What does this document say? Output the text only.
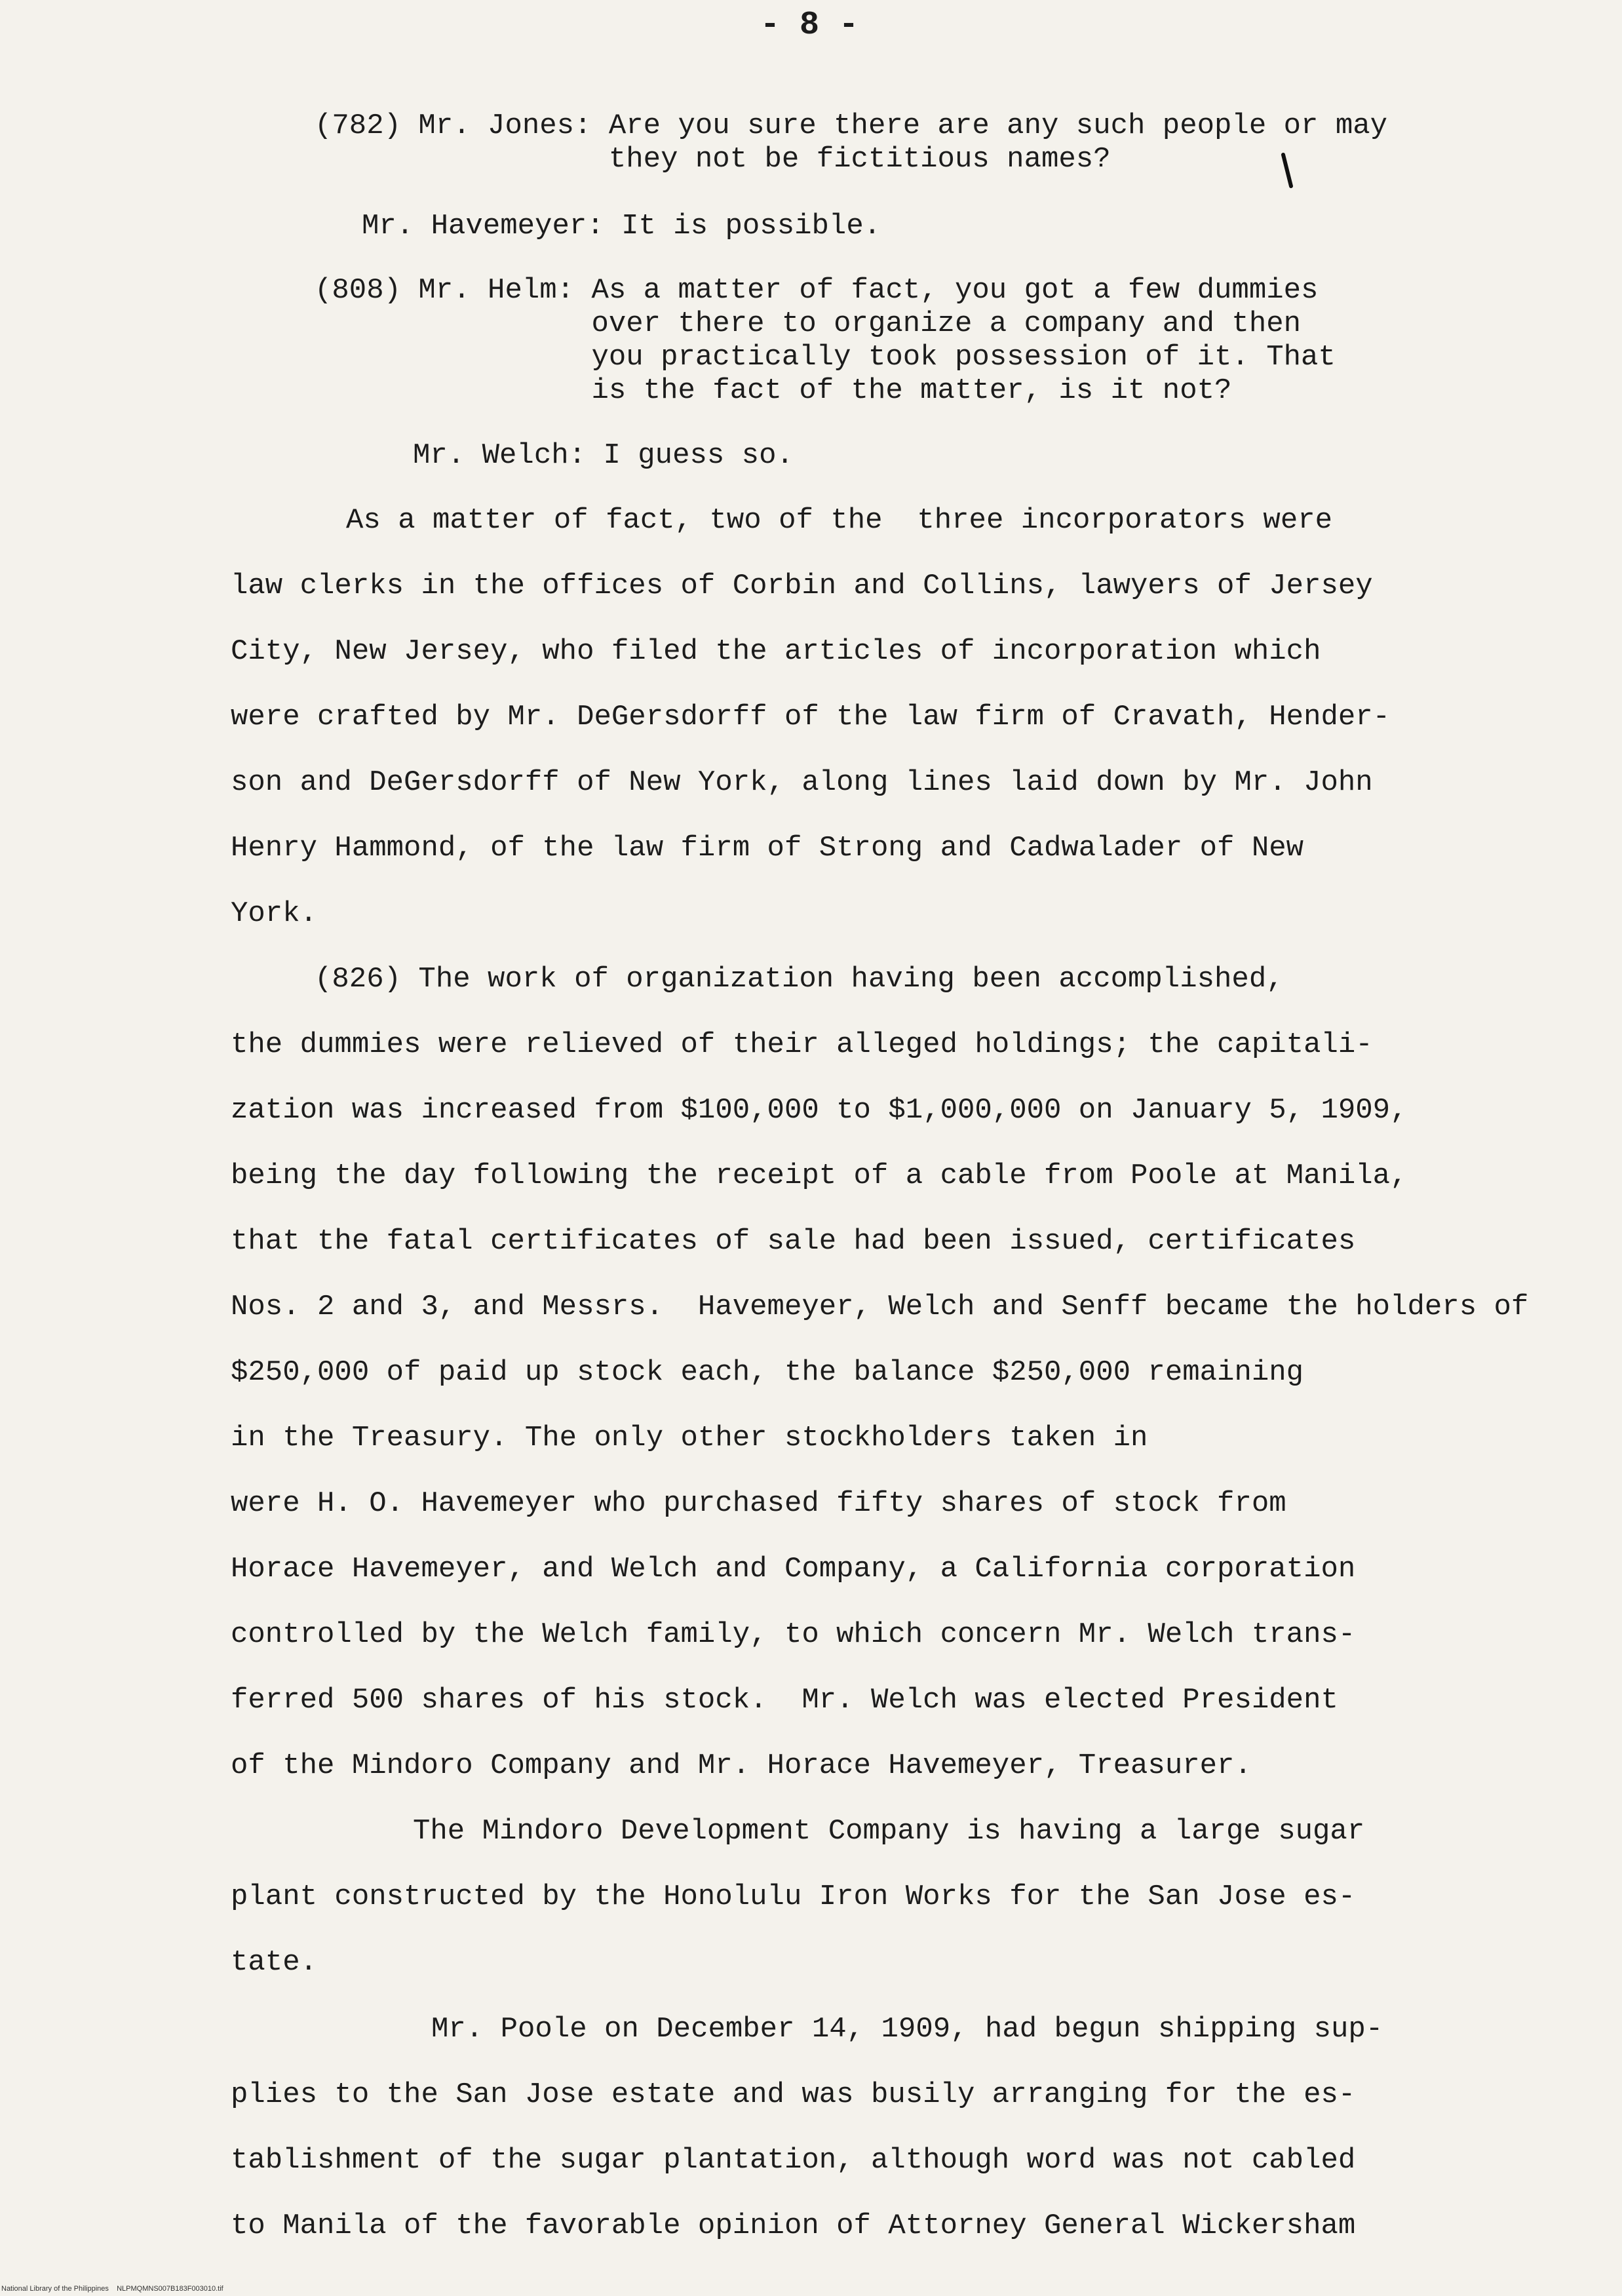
- 8 -
(782) Mr. Jones: Are you sure there are any such people or may
they not be fictitious names?
Mr. Havemeyer: It is possible.
(808) Mr. Helm: As a matter of fact, you got a few dummies
over there to organize a company and then
you practically took possession of it. That
is the fact of the matter, is it not?
Mr. Welch: I guess so.
As a matter of fact, two of the  three incorporators were
law clerks in the offices of Corbin and Collins, lawyers of Jersey
City, New Jersey, who filed the articles of incorporation which
were crafted by Mr. DeGersdorff of the law firm of Cravath, Hender-
son and DeGersdorff of New York, along lines laid down by Mr. John
Henry Hammond, of the law firm of Strong and Cadwalader of New
York.
(826) The work of organization having been accomplished,
the dummies were relieved of their alleged holdings; the capitali-
zation was increased from $100,000 to $1,000,000 on January 5, 1909,
being the day following the receipt of a cable from Poole at Manila,
that the fatal certificates of sale had been issued, certificates
Nos. 2 and 3, and Messrs.  Havemeyer, Welch and Senff became the holders of
$250,000 of paid up stock each, the balance $250,000 remaining
in the Treasury. The only other stockholders taken in
were H. O. Havemeyer who purchased fifty shares of stock from
Horace Havemeyer, and Welch and Company, a California corporation
controlled by the Welch family, to which concern Mr. Welch trans-
ferred 500 shares of his stock.  Mr. Welch was elected President
of the Mindoro Company and Mr. Horace Havemeyer, Treasurer.
The Mindoro Development Company is having a large sugar
plant constructed by the Honolulu Iron Works for the San Jose es-
tate.
Mr. Poole on December 14, 1909, had begun shipping sup-
plies to the San Jose estate and was busily arranging for the es-
tablishment of the sugar plantation, although word was not cabled
to Manila of the favorable opinion of Attorney General Wickersham
National Library of the Philippines    NLPMQMNS007B183F003010.tif
